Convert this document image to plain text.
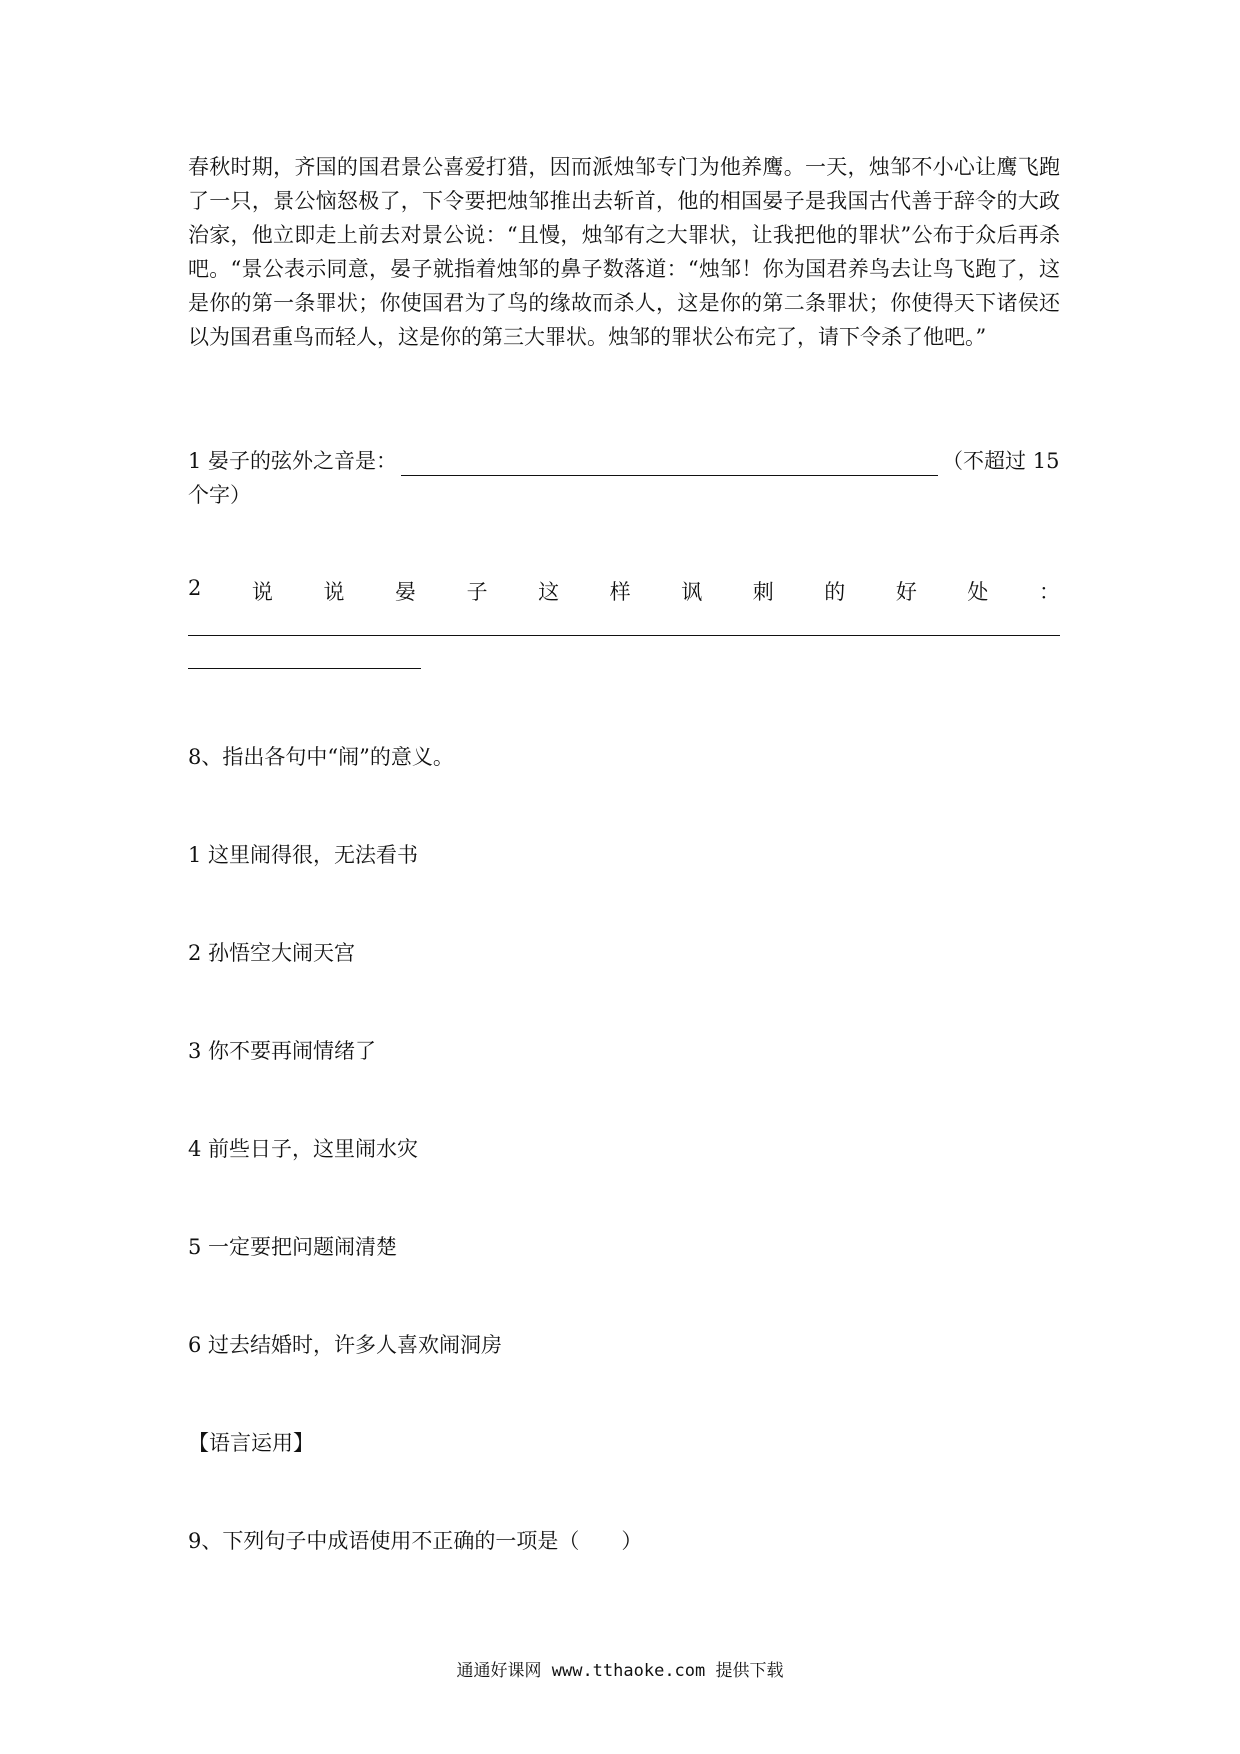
春秋时期，齐国的国君景公喜爱打猎，因而派烛邹专门为他养鹰。一天，烛邹不小心让鹰飞跑了一只，景公恼怒极了，下令要把烛邹推出去斩首，他的相国晏子是我国古代善于辞令的大政治家，他立即走上前去对景公说：“且慢，烛邹有之大罪状，让我把他的罪状”公布于众后再杀吧。“景公表示同意，晏子就指着烛邹的鼻子数落道：“烛邹！你为国君养鸟去让鸟飞跑了，这是你的第一条罪状；你使国君为了鸟的缘故而杀人，这是你的第二条罪状；你使得天下诸侯还以为国君重鸟而轻人，这是你的第三大罪状。烛邹的罪状公布完了，请下令杀了他吧。”

1 晏子的弦外之音是：	（不超过 15
个字）
2 说 说 晏 子 这 样 讽 刺 的 好 处 ：
8、指出各句中“闹”的意义。
1 这里闹得很，无法看书
2 孙悟空大闹天宫
3 你不要再闹情绪了
4 前些日子，这里闹水灾
5 一定要把问题闹清楚
6 过去结婚时，许多人喜欢闹洞房
【语言运用】
9、下列句子中成语使用不正确的一项是（　　）
通通好课网 www.tthaoke.com 提供下载
